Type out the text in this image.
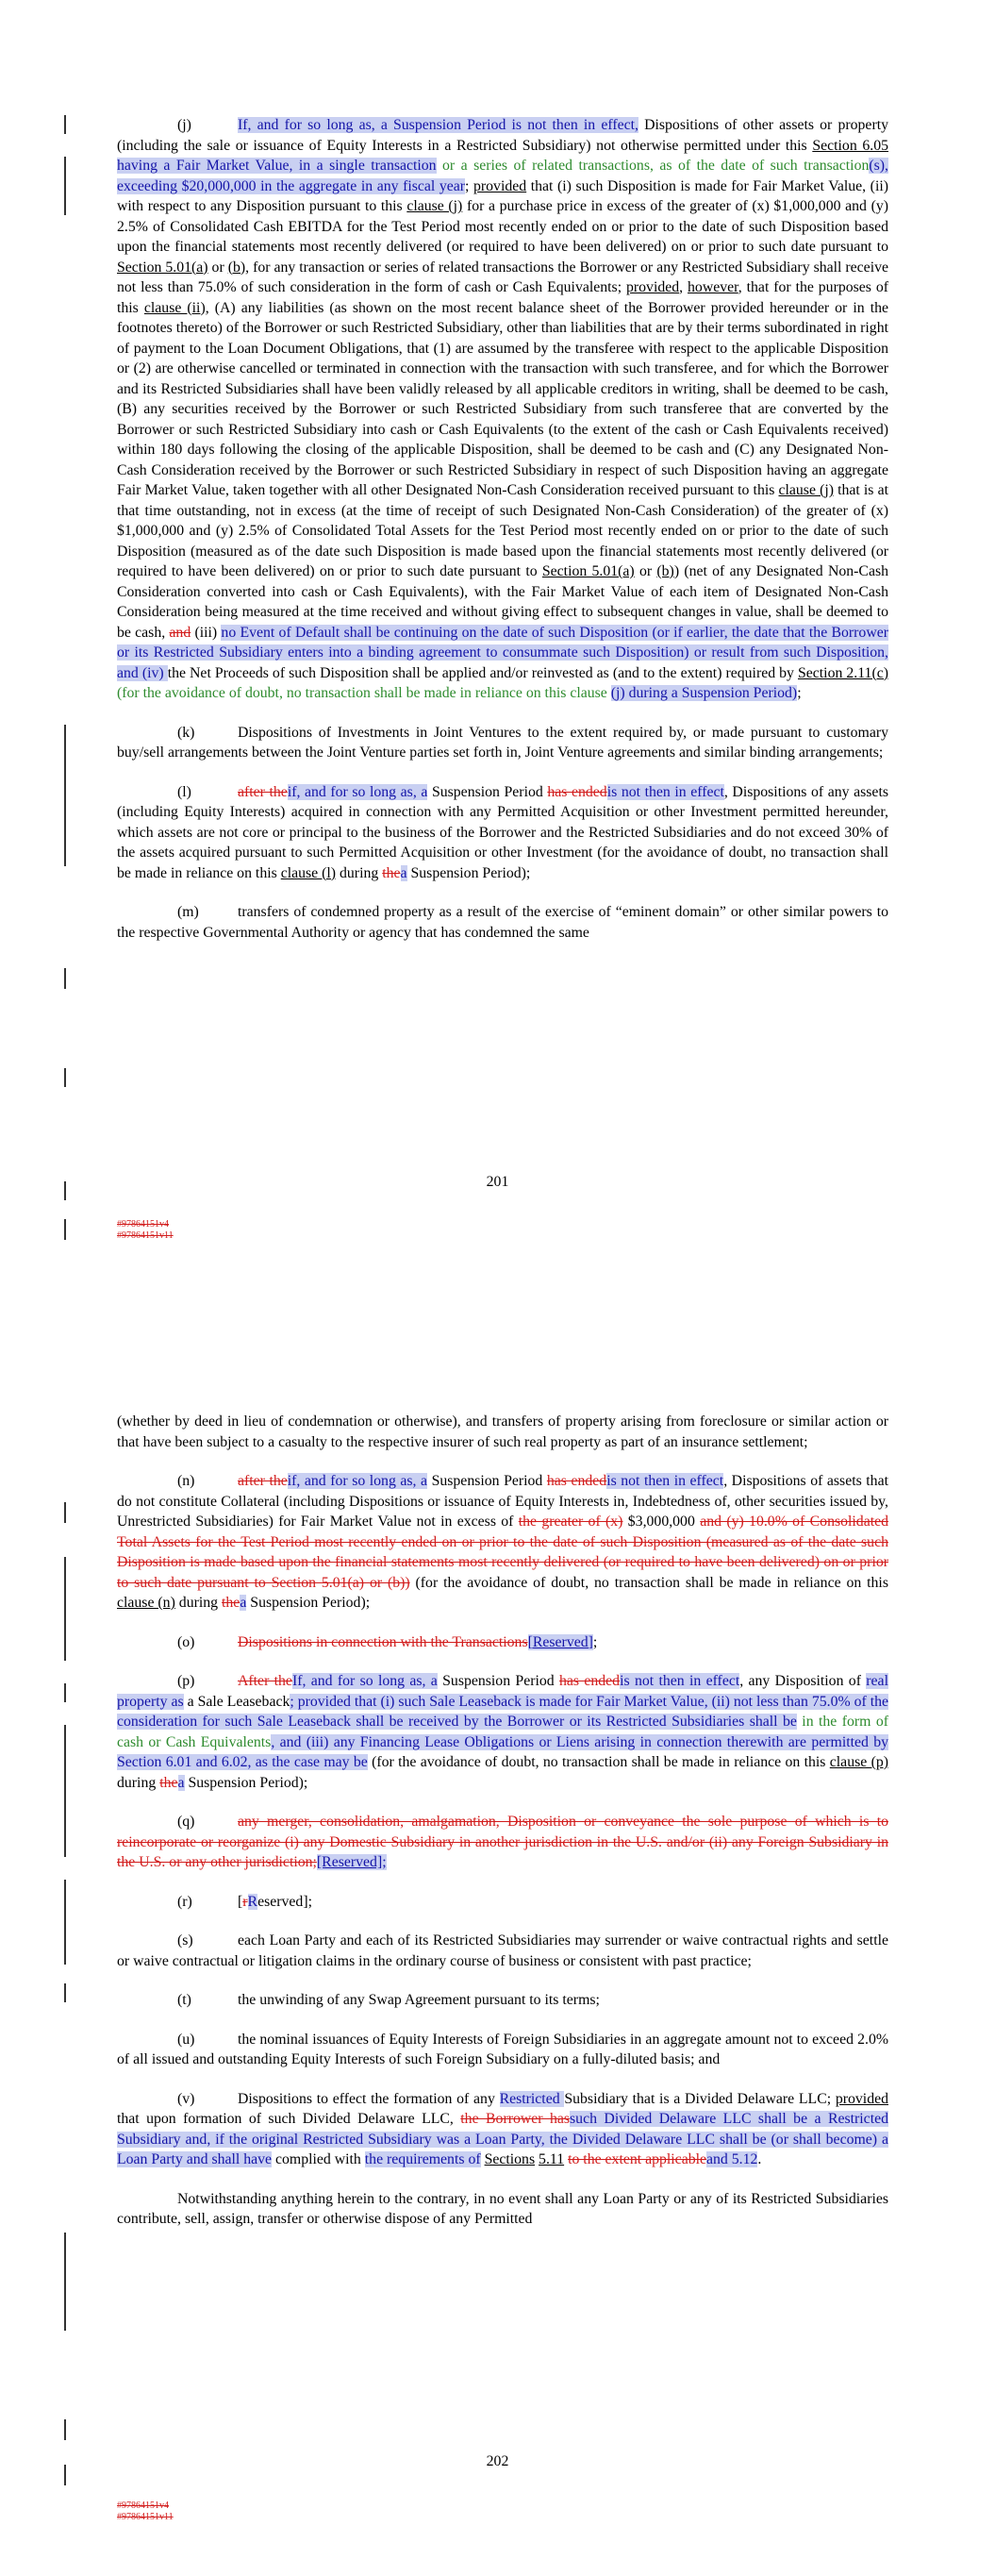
(j)	If, and for so long as, a Suspension Period is not then in effect, Dispositions of other assets or property (including the sale or issuance of Equity Interests in a Restricted Subsidiary) not otherwise permitted under this Section 6.05 having a Fair Market Value, in a single transaction or a series of related transactions, as of the date of such transaction(s), exceeding $20,000,000 in the aggregate in any fiscal year; provided that (i) such Disposition is made for Fair Market Value, (ii) with respect to any Disposition pursuant to this clause (j) for a purchase price in excess of the greater of (x) $1,000,000 and (y) 2.5% of Consolidated Cash EBITDA for the Test Period most recently ended on or prior to the date of such Disposition based upon the financial statements most recently delivered (or required to have been delivered) on or prior to such date pursuant to Section 5.01(a) or (b), for any transaction or series of related transactions the Borrower or any Restricted Subsidiary shall receive not less than 75.0% of such consideration in the form of cash or Cash Equivalents; provided, however, that for the purposes of this clause (ii), (A) any liabilities (as shown on the most recent balance sheet of the Borrower provided hereunder or in the footnotes thereto) of the Borrower or such Restricted Subsidiary, other than liabilities that are by their terms subordinated in right of payment to the Loan Document Obligations, that (1) are assumed by the transferee with respect to the applicable Disposition or (2) are otherwise cancelled or terminated in connection with the transaction with such transferee, and for which the Borrower and its Restricted Subsidiaries shall have been validly released by all applicable creditors in writing, shall be deemed to be cash, (B) any securities received by the Borrower or such Restricted Subsidiary from such transferee that are converted by the Borrower or such Restricted Subsidiary into cash or Cash Equivalents (to the extent of the cash or Cash Equivalents received) within 180 days following the closing of the applicable Disposition, shall be deemed to be cash and (C) any Designated Non-Cash Consideration received by the Borrower or such Restricted Subsidiary in respect of such Disposition having an aggregate Fair Market Value, taken together with all other Designated Non-Cash Consideration received pursuant to this clause (j) that is at that time outstanding, not in excess (at the time of receipt of such Designated Non-Cash Consideration) of the greater of (x) $1,000,000 and (y) 2.5% of Consolidated Total Assets for the Test Period most recently ended on or prior to the date of such Disposition (measured as of the date such Disposition is made based upon the financial statements most recently delivered (or required to have been delivered) on or prior to such date pursuant to Section 5.01(a) or (b)) (net of any Designated Non-Cash Consideration converted into cash or Cash Equivalents), with the Fair Market Value of each item of Designated Non-Cash Consideration being measured at the time received and without giving effect to subsequent changes in value, shall be deemed to be cash, and (iii) no Event of Default shall be continuing on the date of such Disposition (or if earlier, the date that the Borrower or its Restricted Subsidiary enters into a binding agreement to consummate such Disposition) or result from such Disposition, and (iv) the Net Proceeds of such Disposition shall be applied and/or reinvested as (and to the extent) required by Section 2.11(c) (for the avoidance of doubt, no transaction shall be made in reliance on this clause (j) during a Suspension Period);

(k)	Dispositions of Investments in Joint Ventures to the extent required by, or made pursuant to customary buy/sell arrangements between the Joint Venture parties set forth in, Joint Venture agreements and similar binding arrangements;

(l)	after theif, and for so long as, a Suspension Period has endedis not then in effect, Dispositions of any assets (including Equity Interests) acquired in connection with any Permitted Acquisition or other Investment permitted hereunder, which assets are not core or principal to the business of the Borrower and the Restricted Subsidiaries and do not exceed 30% of the assets acquired pursuant to such Permitted Acquisition or other Investment (for the avoidance of doubt, no transaction shall be made in reliance on this clause (l) during thea Suspension Period);

(m)	transfers of condemned property as a result of the exercise of “eminent domain” or other similar powers to the respective Governmental Authority or agency that has condemned the same

201
#97864151v4
#97864151v11

(whether by deed in lieu of condemnation or otherwise), and transfers of property arising from foreclosure or similar action or that have been subject to a casualty to the respective insurer of such real property as part of an insurance settlement;

(n)	after theif, and for so long as, a Suspension Period has endedis not then in effect, Dispositions of assets that do not constitute Collateral (including Dispositions or issuance of Equity Interests in, Indebtedness of, other securities issued by, Unrestricted Subsidiaries) for Fair Market Value not in excess of the greater of (x) $3,000,000 and (y) 10.0% of Consolidated Total Assets for the Test Period most recently ended on or prior to the date of such Disposition (measured as of the date such Disposition is made based upon the financial statements most recently delivered (or required to have been delivered) on or prior to such date pursuant to Section 5.01(a) or (b)) (for the avoidance of doubt, no transaction shall be made in reliance on this clause (n) during thea Suspension Period);

(o)	Dispositions in connection with the Transactions[Reserved];

(p)	After theIf, and for so long as, a Suspension Period has endedis not then in effect, any Disposition of real property as a Sale Leaseback; provided that (i) such Sale Leaseback is made for Fair Market Value, (ii) not less than 75.0% of the consideration for such Sale Leaseback shall be received by the Borrower or its Restricted Subsidiaries shall be in the form of cash or Cash Equivalents, and (iii) any Financing Lease Obligations or Liens arising in connection therewith are permitted by Section 6.01 and 6.02, as the case may be (for the avoidance of doubt, no transaction shall be made in reliance on this clause (p) during thea Suspension Period);

(q)	any merger, consolidation, amalgamation, Disposition or conveyance the sole purpose of which is to reincorporate or reorganize (i) any Domestic Subsidiary in another jurisdiction in the U.S. and/or (ii) any Foreign Subsidiary in the U.S. or any other jurisdiction;[Reserved];

(r)	[rReserved];

(s)	each Loan Party and each of its Restricted Subsidiaries may surrender or waive contractual rights and settle or waive contractual or litigation claims in the ordinary course of business or consistent with past practice;

(t)	the unwinding of any Swap Agreement pursuant to its terms;

(u)	the nominal issuances of Equity Interests of Foreign Subsidiaries in an aggregate amount not to exceed 2.0% of all issued and outstanding Equity Interests of such Foreign Subsidiary on a fully-diluted basis; and

(v)	Dispositions to effect the formation of any Restricted Subsidiary that is a Divided Delaware LLC; provided that upon formation of such Divided Delaware LLC, the Borrower hassuch Divided Delaware LLC shall be a Restricted Subsidiary and, if the original Restricted Subsidiary was a Loan Party, the Divided Delaware LLC shall be (or shall become) a Loan Party and shall have complied with the requirements of Sections 5.11 to the extent applicableand 5.12.

Notwithstanding anything herein to the contrary, in no event shall any Loan Party or any of its Restricted Subsidiaries contribute, sell, assign, transfer or otherwise dispose of any Permitted

202
#97864151v4
#97864151v11
